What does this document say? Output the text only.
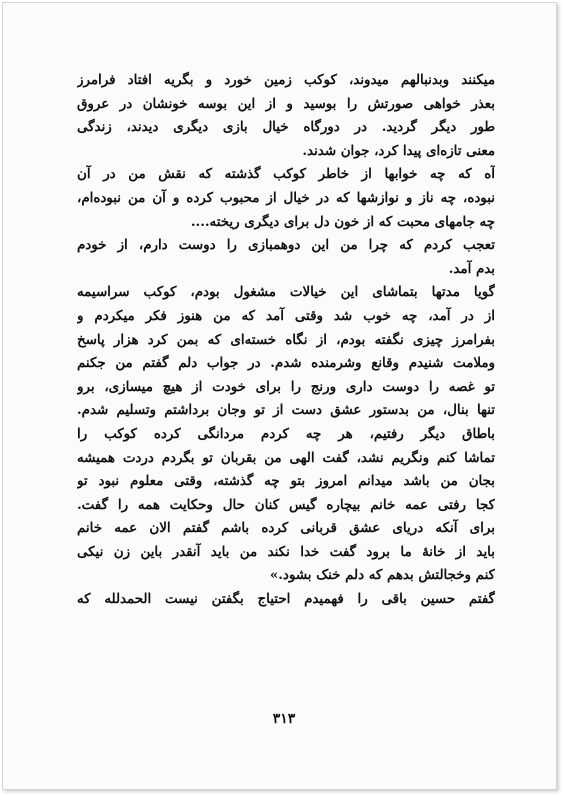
میکنند وبدنبالهم میدوند، کوکب زمین خورد و بگریه افتاد فرامرز
بعذر خواهی صورتش را بوسید و از این بوسه خونشان در عروق
طور دیگر گردید. در دورگاه خیال بازی دیگری دیدند، زندگی
معنی تازه‌ای پیدا کرد، جوان شدند.
آه که چه خوابها از خاطر کوکب گذشته که نقش من در آن
نبوده، چه ناز و نوازشها که در خیال از محبوب کرده و آن من نبوده‌ام،
چه جامهای محبت که از خون دل برای دیگری ریخته....
تعجب کردم که چرا من این دوهمبازی را دوست دارم، از خودم
بدم آمد.
گویا مدتها بتماشای این خیالات مشغول بودم، کوکب سراسیمه
از در آمد، چه خوب شد وقتی آمد که من هنوز فکر میکردم و
بفرامرز چیزی نگفته بودم، از نگاه خسته‌ای که بمن کرد هزار پاسخ
وملامت شنیدم وقانع وشرمنده شدم. در جواب دلم گفتم من جکنم
تو غصه را دوست داری ورنج را برای خودت از هیچ میسازی، برو
تنها بنال، من بدستور عشق دست از تو وجان برداشتم وتسلیم شدم.
باطاق دیگر رفتیم، هر چه کردم مردانگی کرده کوکب را
تماشا کنم ونگریم نشد، گفت الهی من بقربان تو بگردم دردت همیشه
بجان من باشد میدانم امروز بتو چه گذشته، وقتی معلوم نبود تو
کجا رفتی عمه خانم بیچاره گیس کنان حال وحکایت همه را گفت.
برای آنکه دریای عشق قربانی کرده باشم گفتم الان عمه خانم
باید از خانهٔ ما برود گفت خدا نکند من باید آنقدر باین زن نیکی
کنم وخجالتش بدهم که دلم خنک بشود.»
گفتم حسین باقی را فهمیدم احتیاج بگفتن نیست الحمدلله که
۳۱۳
